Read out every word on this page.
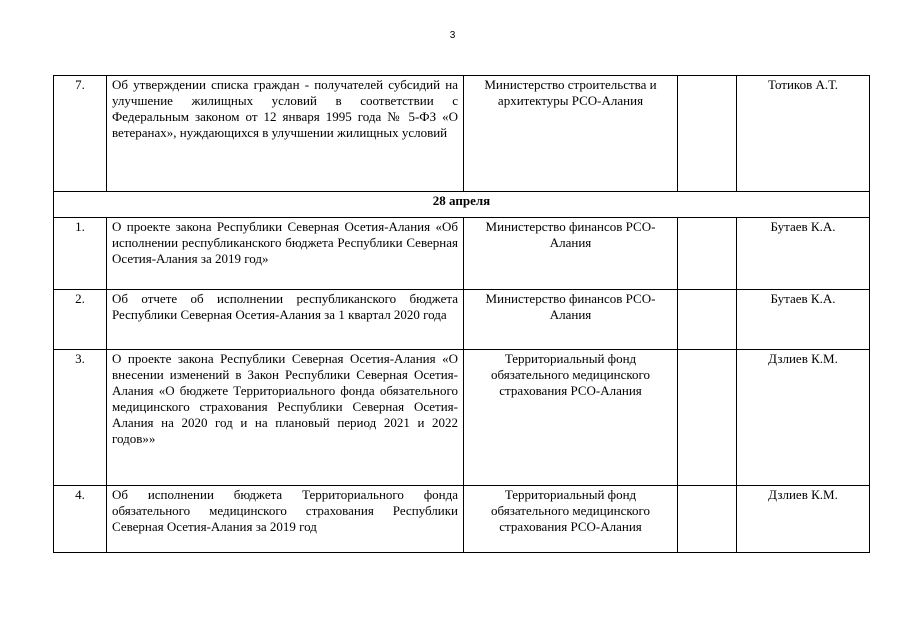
3
7.	Об утверждении списка граждан - получателей субсидий на улучшение жилищных условий в соответствии с Федеральным законом от 12 января 1995 года № 5-ФЗ «О ветеранах», нуждающихся в улучшении жилищных условий	Министерство строительства и архитектуры РСО-Алания		Тотиков А.Т.
28 апреля				
1.	О проекте закона Республики Северная Осетия-Алания «Об исполнении республиканского бюджета Республики Северная Осетия-Алания за 2019 год»	Министерство финансов РСО-Алания		Бутаев К.А.
2.	Об отчете об исполнении республиканского бюджета Республики Северная Осетия-Алания за 1 квартал 2020 года	Министерство финансов РСО-Алания		Бутаев К.А.
3.	О проекте закона Республики Северная Осетия-Алания «О внесении изменений в Закон Республики Северная Осетия-Алания «О бюджете Территориального фонда обязательного медицинского страхования Республики Северная Осетия-Алания на 2020 год и на плановый период 2021 и 2022 годов»»	Территориальный фонд обязательного медицинского страхования РСО-Алания		Дзлиев К.М.
4.	Об исполнении бюджета Территориального фонда обязательного медицинского страхования Республики Северная Осетия-Алания за 2019 год	Территориальный фонд обязательного медицинского страхования РСО-Алания		Дзлиев К.М.
